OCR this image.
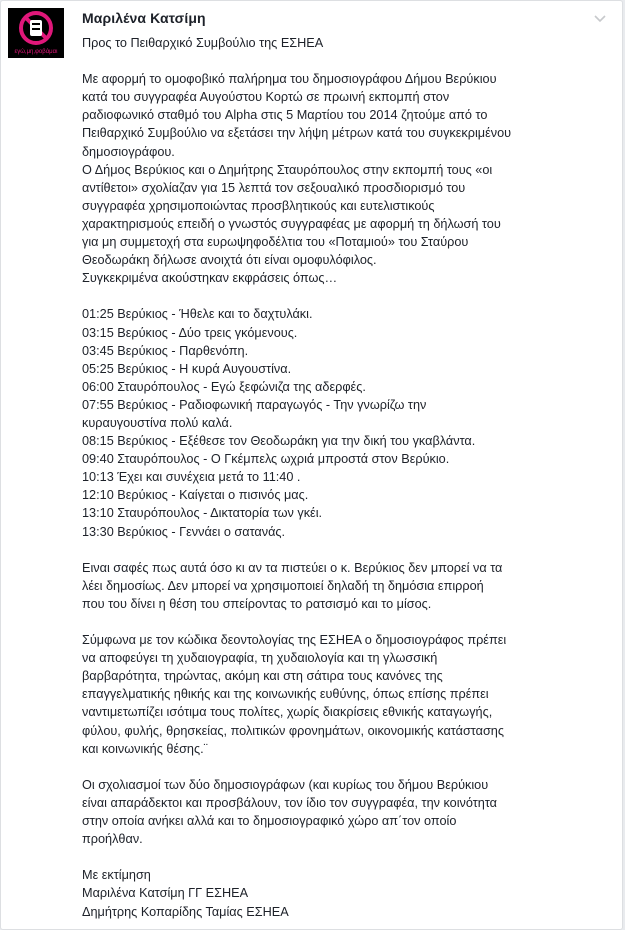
εγώ,μη,φοβάμαι
Μαριλένα Κατσίμη
Προς το Πειθαρχικό Συμβούλιο της ΕΣΗΕΑ
Με αφορμή το ομοφοβικό παλήρημα του δημοσιογράφου Δήμου Βερύκιου
κατά του συγγραφέα Αυγούστου Κορτώ σε πρωινή εκπομπή στον
ραδιοφωνικό σταθμό του Alpha στις 5 Μαρτίου του 2014 ζητούμε από το
Πειθαρχικό Συμβούλιο να εξετάσει την λήψη μέτρων κατά του συγκεκριμένου
δημοσιογράφου.
Ο Δήμος Βερύκιος και ο Δημήτρης Σταυρόπουλος στην εκπομπή τους «οι
αντίθετοι» σχολίαζαν για 15 λεπτά τον σεξουαλικό προσδιορισμό του
συγγραφέα χρησιμοποιώντας προσβλητικούς και ευτελιστικούς
χαρακτηρισμούς επειδή ο γνωστός συγγραφέας με αφορμή τη δήλωσή του
για μη συμμετοχή στα ευρωψηφοδέλτια του «Ποταμιού» του Σταύρου
Θεοδωράκη δήλωσε ανοιχτά ότι είναι ομοφυλόφιλος.
Συγκεκριμένα ακούστηκαν εκφράσεις όπως…
01:25 Βερύκιος - Ήθελε και το δαχτυλάκι.
03:15 Βερύκιος - Δύο τρεις γκόμενους.
03:45 Βερύκιος - Παρθενόπη.
05:25 Βερύκιος - Η κυρά Αυγουστίνα.
06:00 Σταυρόπουλος - Εγώ ξεφώνιζα της αδερφές.
07:55 Βερύκιος - Ραδιοφωνική παραγωγός - Την γνωρίζω την
κυραυγουστίνα πολύ καλά.
08:15 Βερύκιος - Εξέθεσε τον Θεοδωράκη για την δική του γκαβλάντα.
09:40 Σταυρόπουλος - Ο Γκέμπελς ωχριά μπροστά στον Βερύκιο.
10:13 Έχει και συνέχεια μετά το 11:40 .
12:10 Βερύκιος - Καίγεται ο πισινός μας.
13:10 Σταυρόπουλος - Δικτατορία των γκέι.
13:30 Βερύκιος - Γεννάει ο σατανάς.
Ειναι σαφές πως αυτά όσο κι αν τα πιστεύει ο κ. Βερύκιος δεν μπορεί να τα
λέει δημοσίως. Δεν μπορεί να χρησιμοποιεί δηλαδή τη δημόσια επιρροή
που του δίνει η θέση του σπείροντας το ρατσισμό και το μίσος.
Σύμφωνα με τον κώδικα δεοντολογίας της ΕΣΗΕΑ ο δημοσιογράφος πρέπει
να αποφεύγει τη χυδαιογραφία, τη χυδαιολογία και τη γλωσσική
βαρβαρότητα, τηρώντας, ακόμη και στη σάτιρα τους κανόνες της
επαγγελματικής ηθικής και της κοινωνικής ευθύνης, όπως επίσης πρέπει
ναντιμετωπίζει ισότιμα τους πολίτες, χωρίς διακρίσεις εθνικής καταγωγής,
φύλου, φυλής, θρησκείας, πολιτικών φρονημάτων, οικονομικής κατάστασης
και κοινωνικής θέσης.¨
Οι σχολιασμοί των δύο δημοσιογράφων (και κυρίως του δήμου Βερύκιου
είναι απαράδεκτοι και προσβάλουν, τον ίδιο τον συγγραφέα, την κοινότητα
στην οποία ανήκει αλλά και το δημοσιογραφικό χώρο απ΄τον οποίο
προήλθαν.
Με εκτίμηση
Μαριλένα Κατσίμη ΓΓ ΕΣΗΕΑ
Δημήτρης Κοπαρίδης Ταμίας ΕΣΗΕΑ
